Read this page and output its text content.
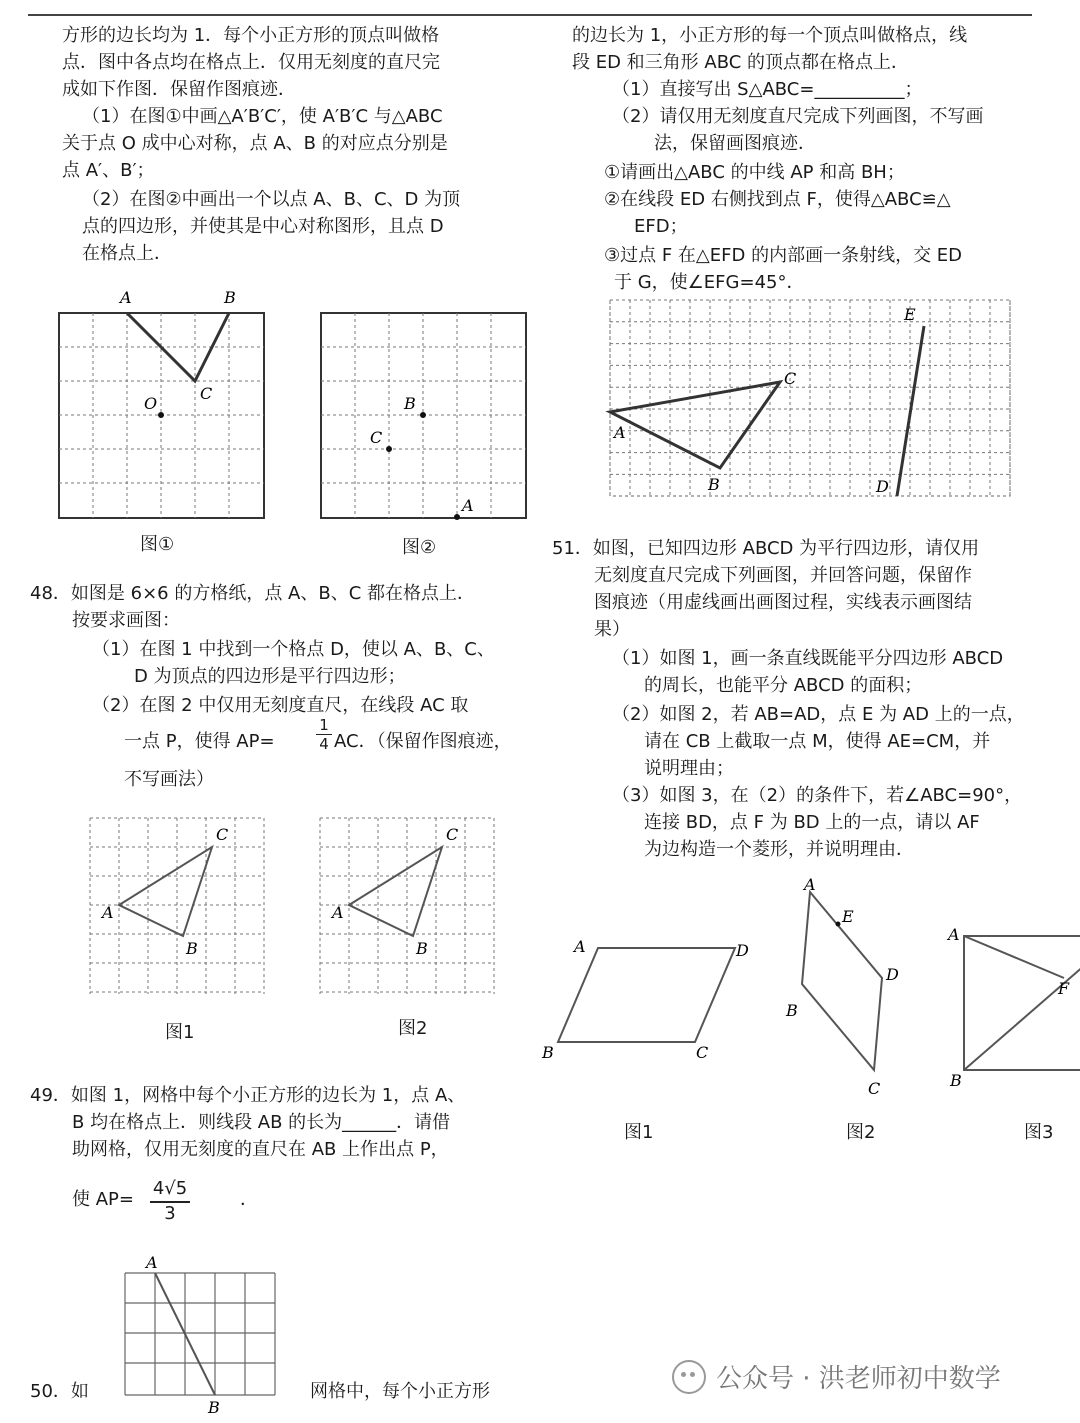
方形的边长均为 1．每个小正方形的顶点叫做格
点．图中各点均在格点上．仅用无刻度的直尺完
成如下作图．保留作图痕迹．
（1）在图①中画△A′B′C′，使 A′B′C 与△ABC
关于点 O 成中心对称，点 A、B 的对应点分别是
点 A′、B′；
（2）在图②中画出一个以点 A、B、C、D 为顶
点的四边形，并使其是中心对称图形，且点 D
在格点上．
A	B
C
O
图①
B
C
A
图②
48．如图是 6×6 的方格纸，点 A、B、C 都在格点上．
按要求画图：
（1）在图 1 中找到一个格点 D，使以 A、B、C、
D 为顶点的四边形是平行四边形；
（2）在图 2 中仅用无刻度直尺，在线段 AC 取
一点 P，使得 AP=
1
4 AC．（保留作图痕迹，
不写画法）
A
C
B
图1
A
C
B
图2
49．如图 1，网格中每个小正方形的边长为 1，点 A、
B 均在格点上．则线段 AB 的长为______．请借
助网格，仅用无刻度的直尺在 AB 上作出点 P，
使 $AP= \frac{4√5}{3}$	．
A
B
50．如	网格中，每个小正方形
的边长为 1，小正方形的每一个顶点叫做格点，线
段 ED 和三角形 ABC 的顶点都在格点上．
（1）直接写出 S△ABC=__________；
（2）请仅用无刻度直尺完成下列画图，不写画
法，保留画图痕迹．
①请画出△ABC 的中线 AP 和高 BH；
②在线段 ED 右侧找到点 F，使得△ABC≌△
EFD；
③过点 F 在△EFD 的内部画一条射线，交 ED
于 G，使∠EFG=45°．
A
C
B
E
D
51．如图，已知四边形 ABCD 为平行四边形，请仅用
无刻度直尺完成下列画图，并回答问题，保留作
图痕迹（用虚线画出画图过程，实线表示画图结
果）
（1）如图 1，画一条直线既能平分四边形 ABCD
的周长，也能平分 ABCD 的面积；
（2）如图 2，若 AB=AD，点 E 为 AD 上的一点，
请在 CB 上截取一点 M，使得 AE=CM，并
说明理由；
（3）如图 3，在（2）的条件下，若∠ABC=90°，
连接 BD，点 F 为 BD 上的一点，请以 AF
为边构造一个菱形，并说明理由．
A	D
B	C
图1
A
E
D
B
C
图2
A
F
B
图3
公众号 · 洪老师初中数学
